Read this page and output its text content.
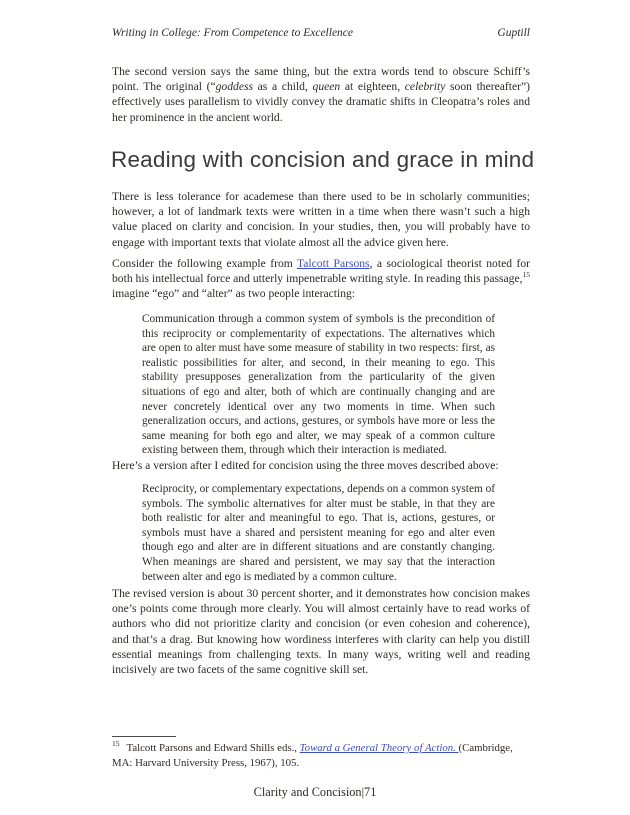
Writing in College: From Competence to Excellence	Guptill

The second version says the same thing, but the extra words tend to obscure Schiff’s point. The original (“goddess as a child, queen at eighteen, celebrity soon thereafter”) effectively uses parallelism to vividly convey the dramatic shifts in Cleopatra’s roles and her prominence in the ancient world.

Reading with concision and grace in mind

There is less tolerance for academese than there used to be in scholarly communities; however, a lot of landmark texts were written in a time when there wasn’t such a high value placed on clarity and concision. In your studies, then, you will probably have to engage with important texts that violate almost all the advice given here.

Consider the following example from Talcott Parsons, a sociological theorist noted for both his intellectual force and utterly impenetrable writing style. In reading this passage,$^{15}$ imagine “ego” and “alter” as two people interacting:

Communication through a common system of symbols is the precondition of this reciprocity or complementarity of expectations. The alternatives which are open to alter must have some measure of stability in two respects: first, as realistic possibilities for alter, and second, in their meaning to ego. This stability presupposes generalization from the particularity of the given situations of ego and alter, both of which are continually changing and are never concretely identical over any two moments in time. When such generalization occurs, and actions, gestures, or symbols have more or less the same meaning for both ego and alter, we may speak of a common culture existing between them, through which their interaction is mediated.

Here’s a version after I edited for concision using the three moves described above:

Reciprocity, or complementary expectations, depends on a common system of symbols. The symbolic alternatives for alter must be stable, in that they are both realistic for alter and meaningful to ego. That is, actions, gestures, or symbols must have a shared and persistent meaning for ego and alter even though ego and alter are in different situations and are constantly changing. When meanings are shared and persistent, we may say that the interaction between alter and ego is mediated by a common culture.

The revised version is about 30 percent shorter, and it demonstrates how concision makes one’s points come through more clearly. You will almost certainly have to read works of authors who did not prioritize clarity and concision (or even cohesion and coherence), and that’s a drag. But knowing how wordiness interferes with clarity can help you distill essential meanings from challenging texts. In many ways, writing well and reading incisively are two facets of the same cognitive skill set.

$^{15}$ Talcott Parsons and Edward Shills eds., Toward a General Theory of Action. (Cambridge, MA: Harvard University Press, 1967), 105.

Clarity and Concision|71
